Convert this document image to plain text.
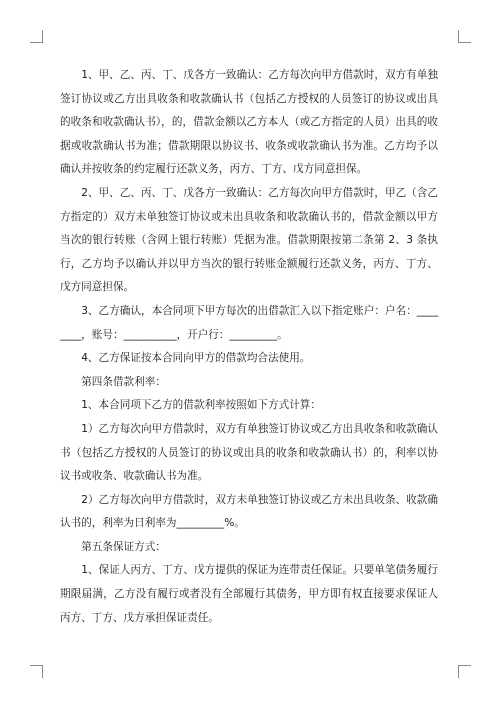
1、甲、乙、丙、丁、戊各方一致确认：乙方每次向甲方借款时，双方有单独签订协议或乙方出具收条和收款确认书（包括乙方授权的人员签订的协议或出具的收条和收款确认书），的，借款金额以乙方本人（或乙方指定的人员）出具的收据或收款确认书为准；借款期限以协议书、收条或收款确认书为准。乙方均予以确认并按收条的约定履行还款义务，丙方、丁方、戊方同意担保。

2、甲、乙、丙、丁、戊各方一致确认：乙方每次向甲方借款时，甲乙（含乙方指定的）双方未单独签订协议或未出具收条和收款确认书的，借款金额以甲方当次的银行转账（含网上银行转账）凭据为准。借款期限按第二条第 2、3 条执行，乙方均予以确认并以甲方当次的银行转账金额履行还款义务，丙方、丁方、戊方同意担保。

3、乙方确认，本合同项下甲方每次的出借款汇入以下指定账户：户名：________，账号：__________，开户行：_________。

4、乙方保证按本合同向甲方的借款均合法使用。

第四条借款利率：

1、本合同项下乙方的借款利率按照如下方式计算：

1）乙方每次向甲方借款时，双方有单独签订协议或乙方出具收条和收款确认书（包括乙方授权的人员签订的协议或出具的收条和收款确认书）的，利率以协议书或收条、收款确认书为准。

2）乙方每次向甲方借款时，双方未单独签订协议或乙方未出具收条、收款确认书的，利率为日利率为_________%。

第五条保证方式：

1、保证人丙方、丁方、戊方提供的保证为连带责任保证。只要单笔债务履行期限届满，乙方没有履行或者没有全部履行其债务，甲方即有权直接要求保证人丙方、丁方、戊方承担保证责任。
